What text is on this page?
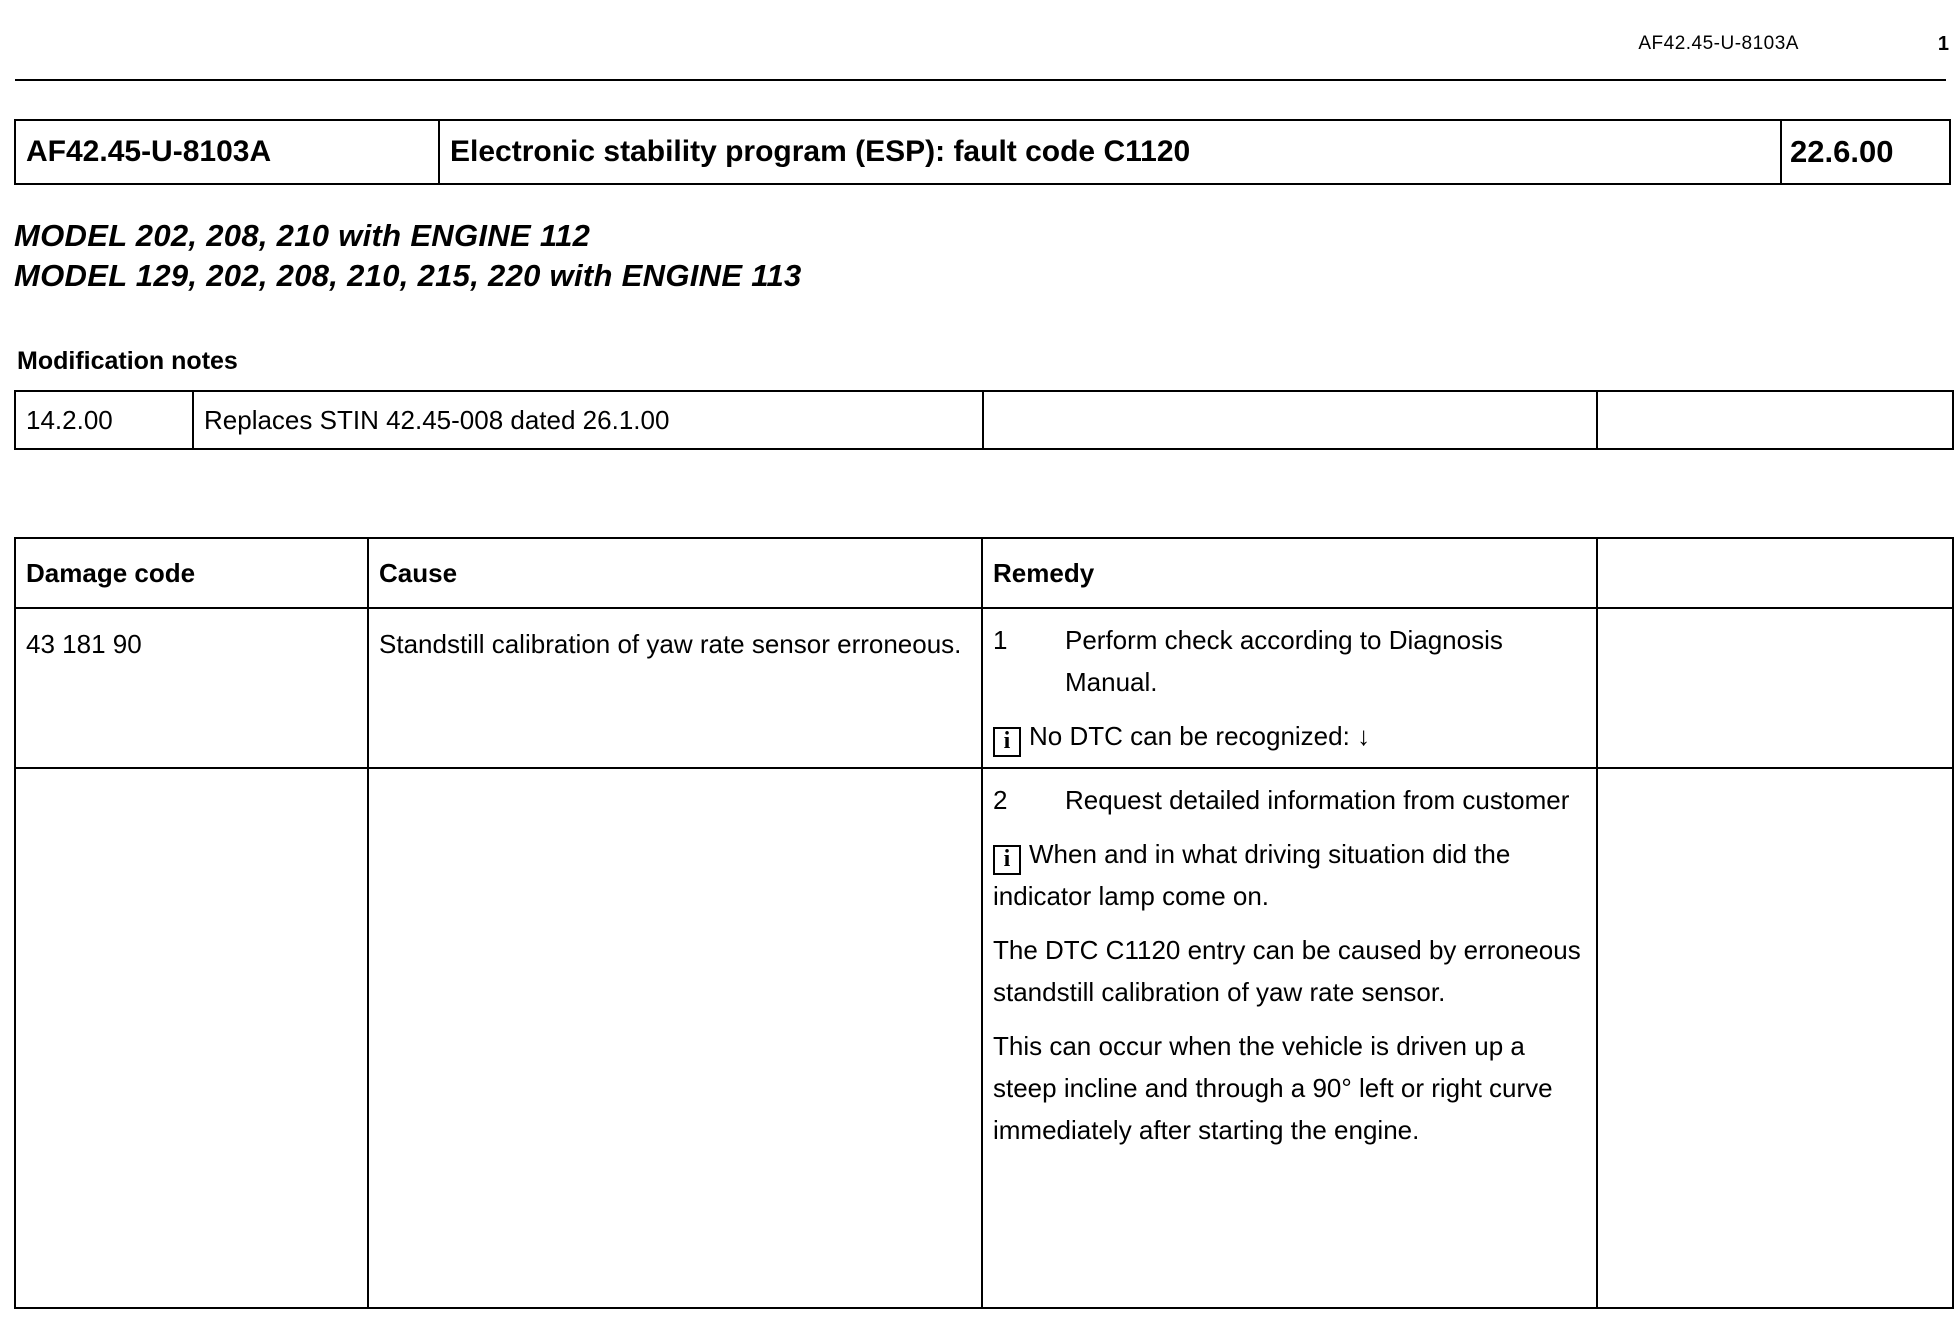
AF42.45-U-8103A	1
AF42.45-U-8103A	Electronic stability program (ESP): fault code C1120	22.6.00
MODEL 202, 208, 210 with ENGINE 112
MODEL 129, 202, 208, 210, 215, 220 with ENGINE 113
Modification notes
14.2.00	Replaces STIN 42.45-008 dated 26.1.00		
Damage code	Cause	Remedy	
43 181 90	Standstill calibration of yaw rate sensor erroneous.	1 Perform check according to Diagnosis Manual.
i No DTC can be recognized: ↓	

		2 Request detailed information from customer
i When and in what driving situation did the indicator lamp come on.
The DTC C1120 entry can be caused by erroneous standstill calibration of yaw rate sensor.
This can occur when the vehicle is driven up a steep incline and through a 90° left or right curve immediately after starting the engine.	
